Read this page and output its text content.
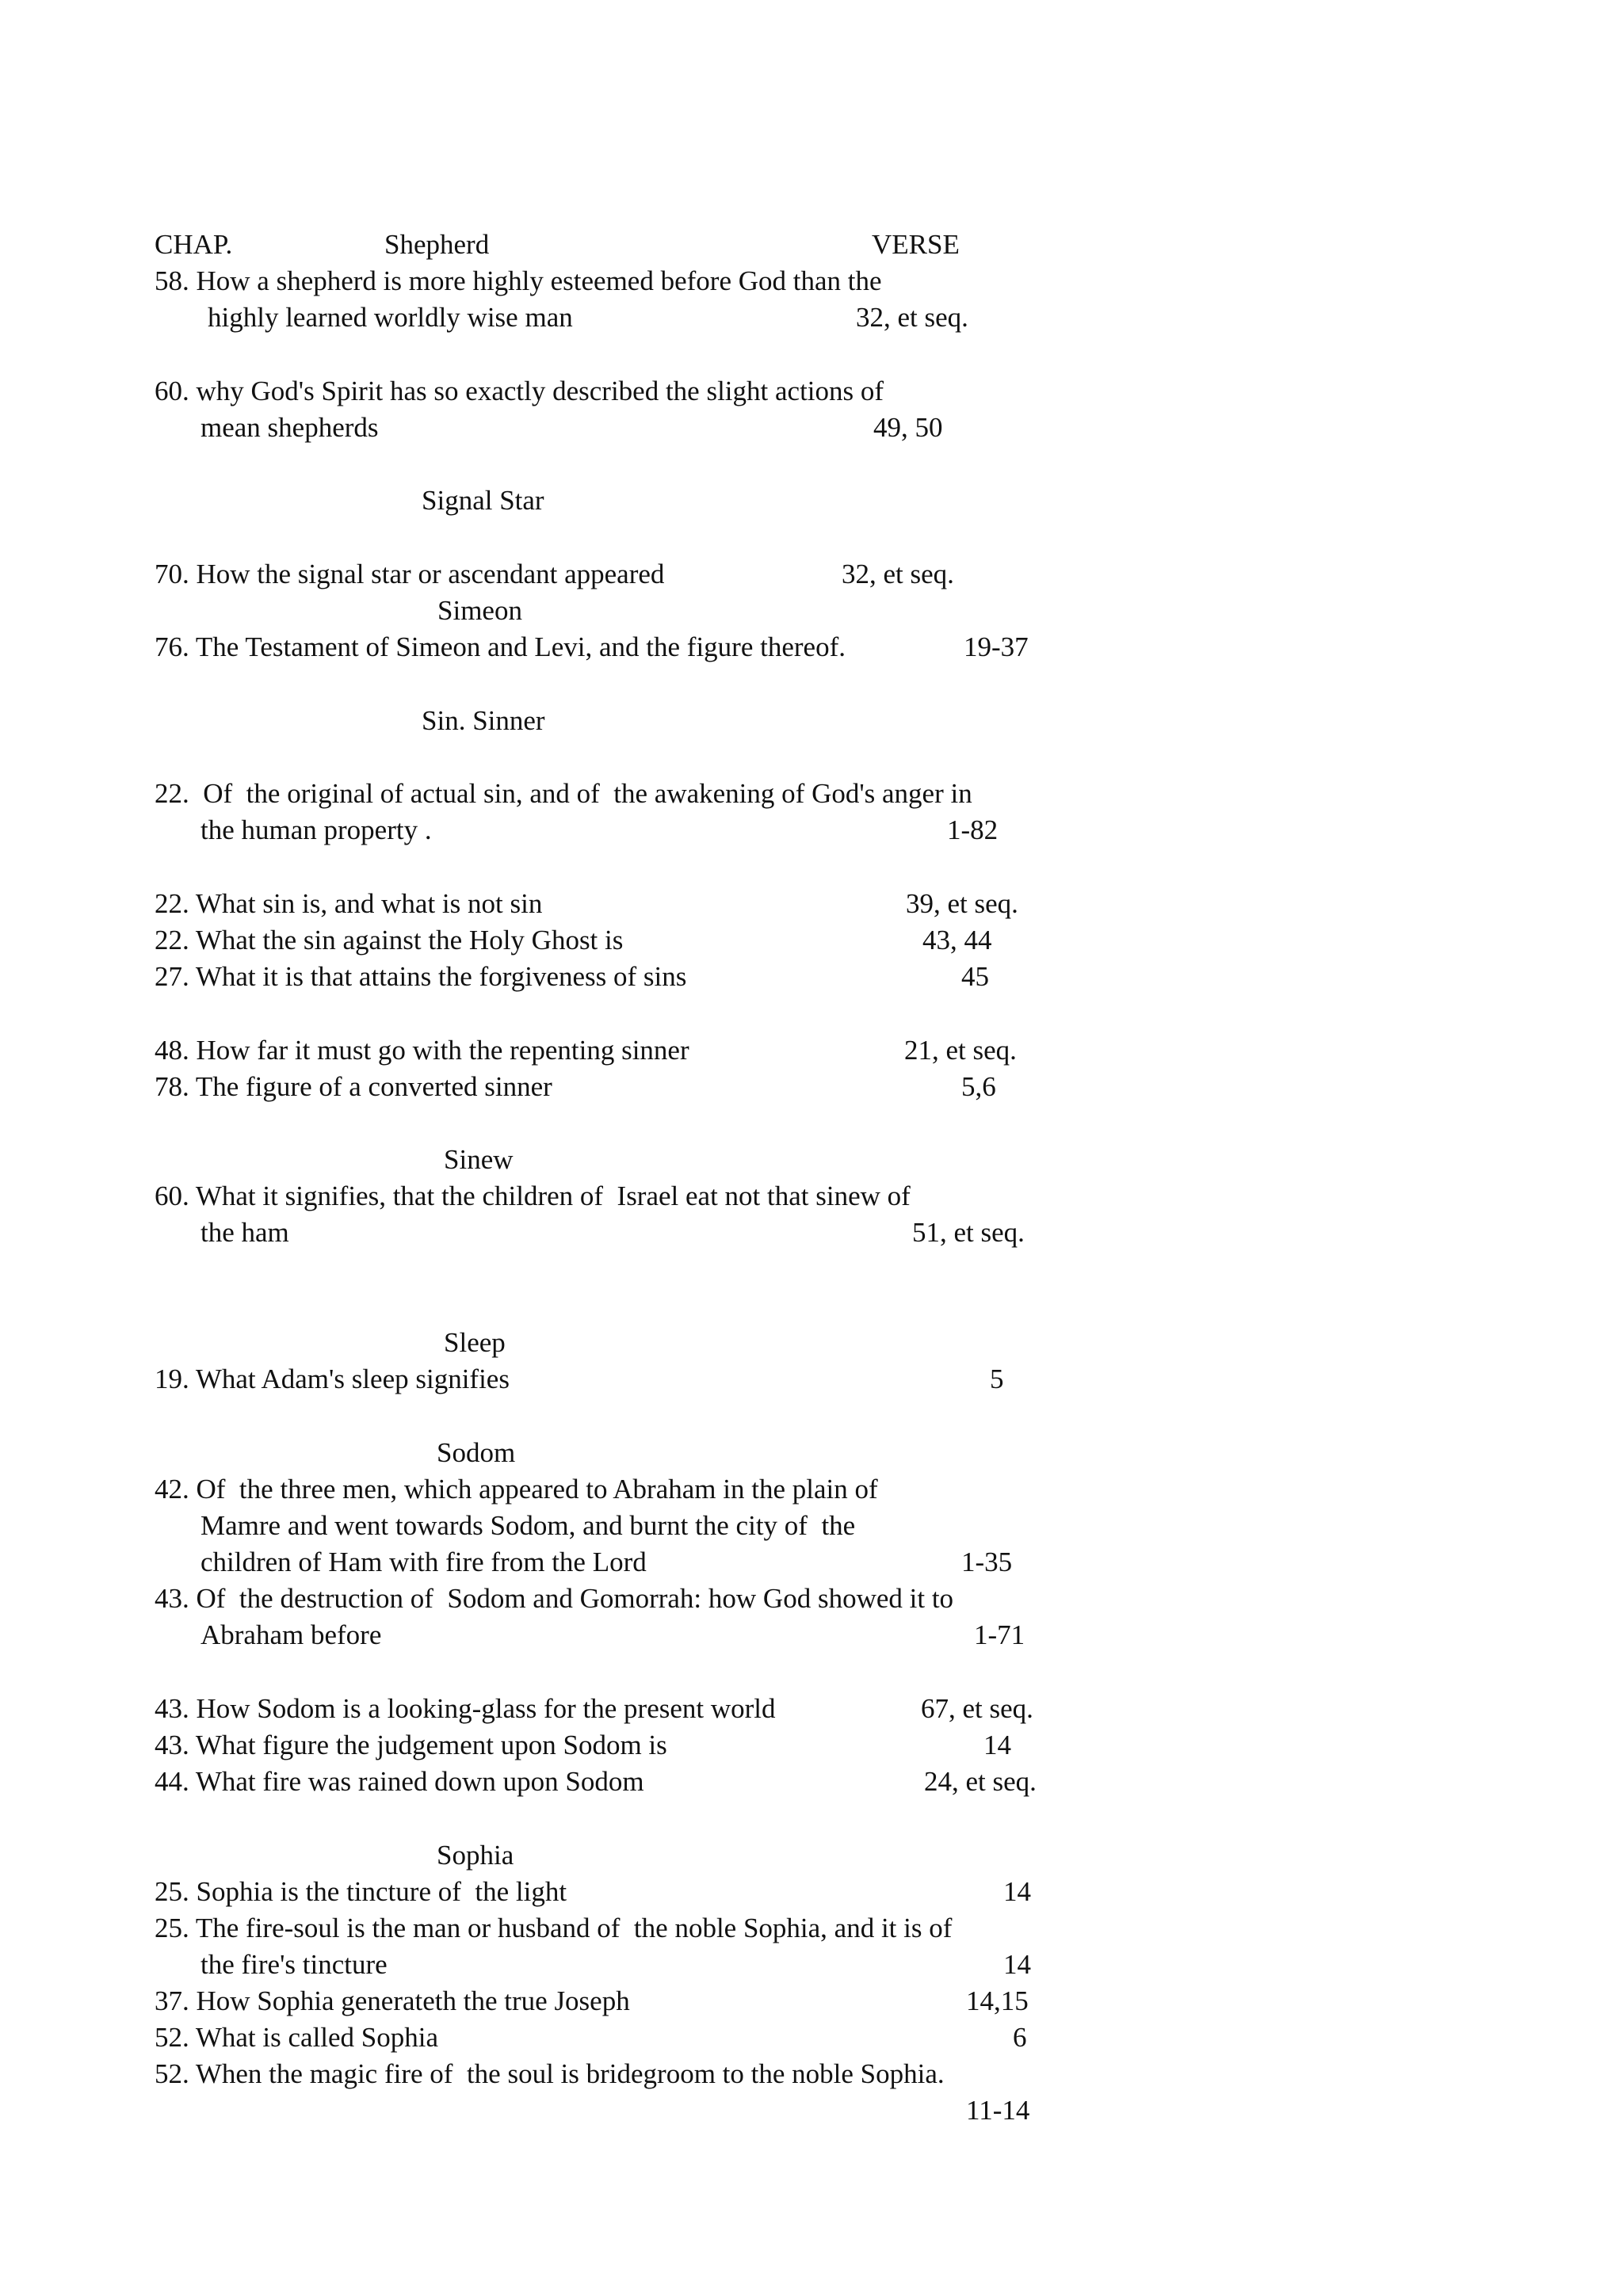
CHAP.	Shepherd	VERSE
58. How a shepherd is more highly esteemed before God than the
highly learned worldly wise man	32, et seq.
60. why God's Spirit has so exactly described the slight actions of
mean shepherds	49, 50
Signal Star
70. How the signal star or ascendant appeared	32, et seq.
Simeon
76. The Testament of Simeon and Levi, and the figure thereof.	19-37
Sin. Sinner
22.  Of  the original of actual sin, and of  the awakening of God's anger in
the human property .	1-82
22. What sin is, and what is not sin	39, et seq.
22. What the sin against the Holy Ghost is	43, 44
27. What it is that attains the forgiveness of sins	45
48. How far it must go with the repenting sinner	21, et seq.
78. The figure of a converted sinner	5,6
Sinew
60. What it signifies, that the children of  Israel eat not that sinew of
the ham	51, et seq.
Sleep
19. What Adam's sleep signifies	5
Sodom
42. Of  the three men, which appeared to Abraham in the plain of
Mamre and went towards Sodom, and burnt the city of  the
children of Ham with fire from the Lord	1-35
43. Of  the destruction of  Sodom and Gomorrah: how God showed it to
Abraham before	1-71
43. How Sodom is a looking-glass for the present world	67, et seq.
43. What figure the judgement upon Sodom is	14
44. What fire was rained down upon Sodom	24, et seq.
Sophia
25. Sophia is the tincture of  the light	14
25. The fire-soul is the man or husband of  the noble Sophia, and it is of
the fire's tincture	14
37. How Sophia generateth the true Joseph	14,15
52. What is called Sophia	6
52. When the magic fire of  the soul is bridegroom to the noble Sophia.
11-14
